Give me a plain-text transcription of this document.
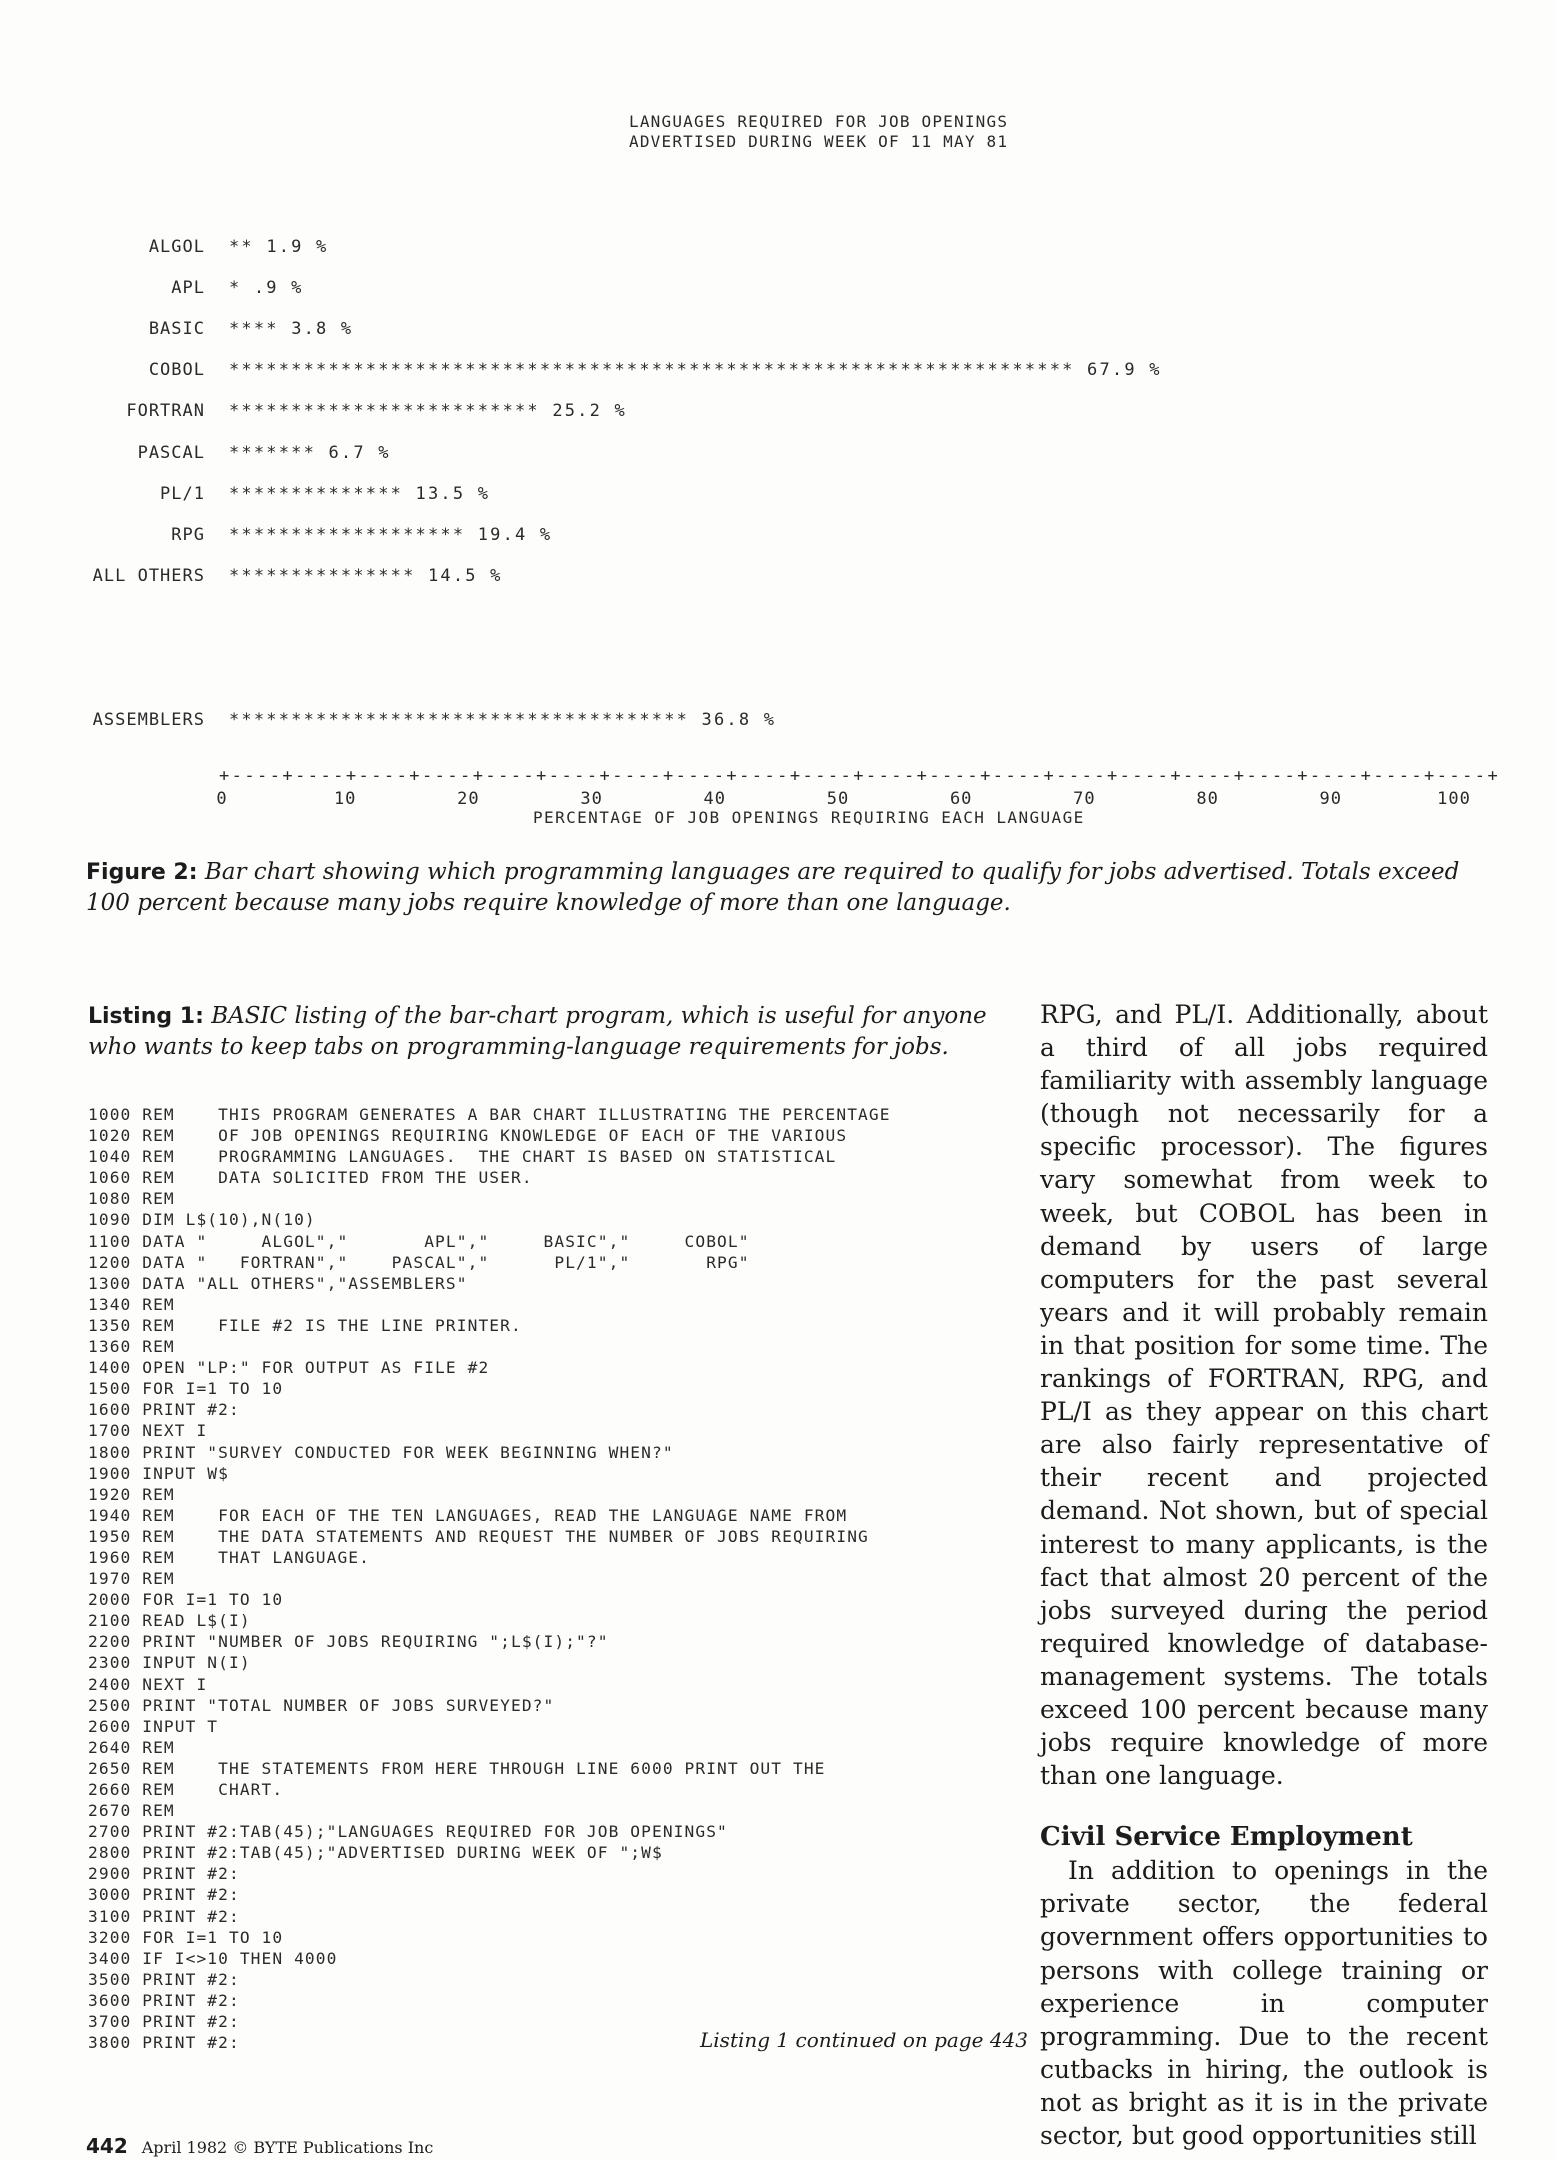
LANGUAGES REQUIRED FOR JOB OPENINGS
ADVERTISED DURING WEEK OF 11 MAY 81
ALGOL ** 1.9 %
APL * .9 %
BASIC **** 3.8 %
COBOL ******************************************************************** 67.9 %
FORTRAN ************************* 25.2 %
PASCAL ******* 6.7 %
PL/1 ************** 13.5 %
RPG ******************* 19.4 %
ALL OTHERS *************** 14.5 %
ASSEMBLERS ************************************* 36.8 %
+----+----+----+----+----+----+----+----+----+----+----+----+----+----+----+----+----+----+----+----+
0	10	20	30	40	50	60	70	80	90	100
PERCENTAGE OF JOB OPENINGS REQUIRING EACH LANGUAGE
Figure 2: Bar chart showing which programming languages are required to qualify for jobs advertised. Totals exceed 100 percent because many jobs require knowledge of more than one language.
Listing 1: BASIC listing of the bar-chart program, which is useful for anyone who wants to keep tabs on programming-language requirements for jobs.
1000 REM    THIS PROGRAM GENERATES A BAR CHART ILLUSTRATING THE PERCENTAGE
1020 REM    OF JOB OPENINGS REQUIRING KNOWLEDGE OF EACH OF THE VARIOUS
1040 REM    PROGRAMMING LANGUAGES.  THE CHART IS BASED ON STATISTICAL
1060 REM    DATA SOLICITED FROM THE USER.
1080 REM
1090 DIM L$(10),N(10)
1100 DATA "     ALGOL","       APL","     BASIC","     COBOL"
1200 DATA "   FORTRAN","    PASCAL","      PL/1","       RPG"
1300 DATA "ALL OTHERS","ASSEMBLERS"
1340 REM
1350 REM    FILE #2 IS THE LINE PRINTER.
1360 REM
1400 OPEN "LP:" FOR OUTPUT AS FILE #2
1500 FOR I=1 TO 10
1600 PRINT #2:
1700 NEXT I
1800 PRINT "SURVEY CONDUCTED FOR WEEK BEGINNING WHEN?"
1900 INPUT W$
1920 REM
1940 REM    FOR EACH OF THE TEN LANGUAGES, READ THE LANGUAGE NAME FROM
1950 REM    THE DATA STATEMENTS AND REQUEST THE NUMBER OF JOBS REQUIRING
1960 REM    THAT LANGUAGE.
1970 REM
2000 FOR I=1 TO 10
2100 READ L$(I)
2200 PRINT "NUMBER OF JOBS REQUIRING ";L$(I);"?"
2300 INPUT N(I)
2400 NEXT I
2500 PRINT "TOTAL NUMBER OF JOBS SURVEYED?"
2600 INPUT T
2640 REM
2650 REM    THE STATEMENTS FROM HERE THROUGH LINE 6000 PRINT OUT THE
2660 REM    CHART.
2670 REM
2700 PRINT #2:TAB(45);"LANGUAGES REQUIRED FOR JOB OPENINGS"
2800 PRINT #2:TAB(45);"ADVERTISED DURING WEEK OF ";W$
2900 PRINT #2:
3000 PRINT #2:
3100 PRINT #2:
3200 FOR I=1 TO 10
3400 IF I<>10 THEN 4000
3500 PRINT #2:
3600 PRINT #2:
3700 PRINT #2:
3800 PRINT #2:	Listing 1 continued on page 443

RPG, and PL/I. Additionally, about a third of all jobs required familiarity with assembly language (though not necessarily for a specific processor). The figures vary somewhat from week to week, but COBOL has been in demand by users of large computers for the past several years and it will probably remain in that position for some time. The rankings of FORTRAN, RPG, and PL/I as they appear on this chart are also fairly representative of their recent and projected demand. Not shown, but of special interest to many applicants, is the fact that almost 20 percent of the jobs surveyed during the period required knowledge of database-management systems. The totals exceed 100 percent because many jobs require knowledge of more than one language.

Civil Service Employment

In addition to openings in the private sector, the federal government offers opportunities to persons with college training or experience in computer programming. Due to the recent cutbacks in hiring, the outlook is not as bright as it is in the private sector, but good opportunities still

442 April 1982 © BYTE Publications Inc
